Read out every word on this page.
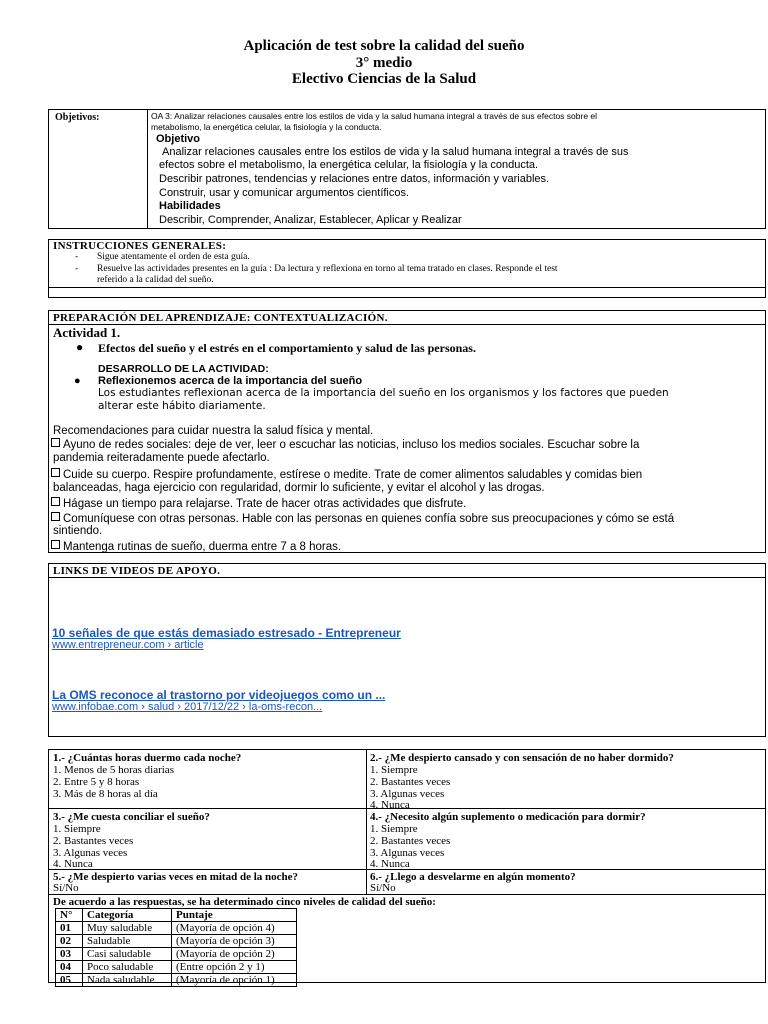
Aplicación de test sobre la calidad del sueño
3° medio
Electivo Ciencias de la Salud
Objetivos:	OA 3: Analizar relaciones causales entre los estilos de vida y la salud humana integral a través de sus efectos sobre el
metabolismo, la energética celular, la fisiología y la conducta.
Objetivo
Analizar relaciones causales entre los estilos de vida y la salud humana integral a través de sus
efectos sobre el metabolismo, la energética celular, la fisiología y la conducta.
Describir patrones, tendencias y relaciones entre datos, información y variables.
Construir, usar y comunicar argumentos científicos.
Habilidades
Describir, Comprender, Analizar, Establecer, Aplicar y Realizar
INSTRUCCIONES GENERALES:
- Sigue atentamente el orden de esta guía.
- Resuelve las actividades presentes en la guía : Da lectura y reflexiona en torno al tema tratado en clases. Responde el test
referido a la calidad del sueño.
PREPARACIÓN DEL APRENDIZAJE: CONTEXTUALIZACIÓN.
Actividad 1.
● Efectos del sueño y el estrés en el comportamiento y salud de las personas.
DESARROLLO DE LA ACTIVIDAD:
● Reflexionemos acerca de la importancia del sueño
Los estudiantes reflexionan acerca de la importancia del sueño en los organismos y los factores que pueden
alterar este hábito diariamente.
Recomendaciones para cuidar nuestra la salud física y mental.
Ayuno de redes sociales: deje de ver, leer o escuchar las noticias, incluso los medios sociales. Escuchar sobre la
pandemia reiteradamente puede afectarlo.
Cuide su cuerpo. Respire profundamente, estírese o medite. Trate de comer alimentos saludables y comidas bien
balanceadas, haga ejercicio con regularidad, dormir lo suficiente, y evitar el alcohol y las drogas.
Hágase un tiempo para relajarse. Trate de hacer otras actividades que disfrute.
Comuníquese con otras personas. Hable con las personas en quienes confía sobre sus preocupaciones y cómo se está
sintiendo.
Mantenga rutinas de sueño, duerma entre 7 a 8 horas.
LINKS DE VIDEOS DE APOYO.
10 señales de que estás demasiado estresado - Entrepreneur
www.entrepreneur.com › article
La OMS reconoce al trastorno por videojuegos como un ...
www.infobae.com › salud › 2017/12/22 › la-oms-recon...
1.- ¿Cuántas horas duermo cada noche?
1. Menos de 5 horas diarias
2. Entre 5 y 8 horas
3. Más de 8 horas al día
2.- ¿Me despierto cansado y con sensación de no haber dormido?
1. Siempre
2. Bastantes veces
3. Algunas veces
4. Nunca
3.- ¿Me cuesta conciliar el sueño?
1. Siempre
2. Bastantes veces
3. Algunas veces
4. Nunca
4.- ¿Necesito algún suplemento o medicación para dormir?
1. Siempre
2. Bastantes veces
3. Algunas veces
4. Nunca
5.- ¿Me despierto varias veces en mitad de la noche?
Sí/No
6.- ¿Llego a desvelarme en algún momento?
Sí/No
De acuerdo a las respuestas, se ha determinado cinco niveles de calidad del sueño:
N°	Categoría	Puntaje	
01	Muy saludable	(Mayoría de opción 4)	
02	Saludable	(Mayoría de opción 3)	
03	Casi saludable	(Mayoría de opción 2)	
04	Poco saludable	(Entre opción 2 y 1)	
05	Nada saludable	(Mayoría de opción 1)	
